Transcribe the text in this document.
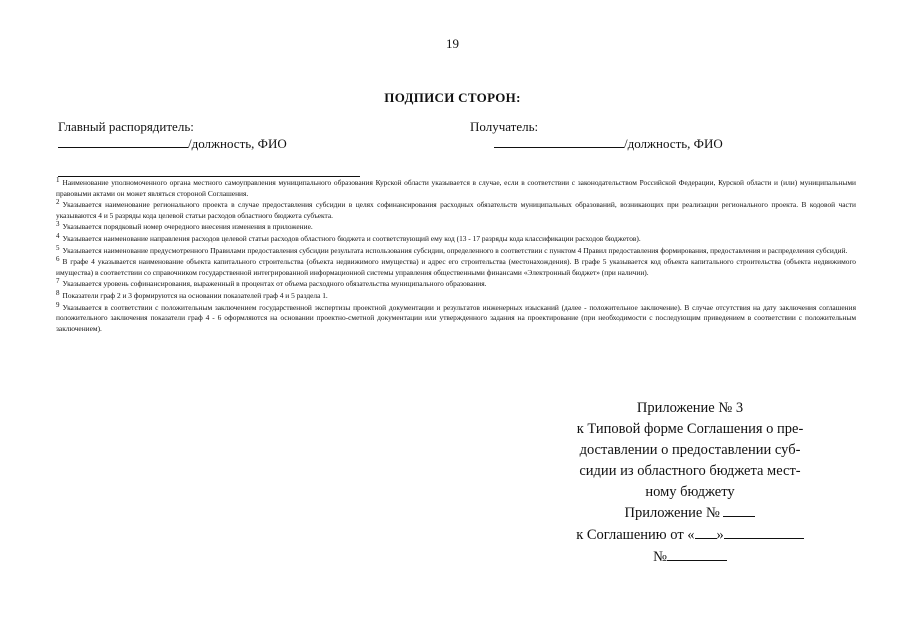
19
ПОДПИСИ СТОРОН:
Главный распорядитель:
/должность, ФИО
Получатель:
/должность, ФИО
$^1$ Наименование уполномоченного органа местного самоуправления муниципального образования Курской области указывается в случае, если в соответствии с законодательством Российской Федерации, Курской области и (или) муниципальными правовыми актами он может являться стороной Соглашения.
$^2$ Указывается наименование регионального проекта в случае предоставления субсидии в целях софинансирования расходных обязательств муниципальных образований, возникающих при реализации регионального проекта. В кодовой части указываются 4 и 5 разряды кода целевой статьи расходов областного бюджета субъекта.
$^3$ Указывается порядковый номер очередного внесения изменения в приложение.
$^4$ Указывается наименование направления расходов целевой статьи расходов областного бюджета и соответствующий ему код (13 - 17 разряды кода классификации расходов бюджетов).
$^5$ Указывается наименование предусмотренного Правилами предоставления субсидии результата использования субсидии, определенного в соответствии с пунктом 4 Правил предоставления формирования, предоставления и распределения субсидий.
$^6$ В графе 4 указывается наименование объекта капитального строительства (объекта недвижимого имущества) и адрес его строительства (местонахождения). В графе 5 указывается код объекта капитального строительства (объекта недвижимого имущества) в соответствии со справочником государственной интегрированной информационной системы управления общественными финансами «Электронный бюджет» (при наличии).
$^7$ Указывается уровень софинансирования, выраженный в процентах от объема расходного обязательства муниципального образования.
$^8$ Показатели граф 2 и 3 формируются на основании показателей граф 4 и 5 раздела 1.
$^9$ Указывается в соответствии с положительным заключением государственной экспертизы проектной документации и результатов инженерных изысканий (далее - положительное заключение). В случае отсутствия на дату заключения соглашения положительного заключения показатели граф 4 - 6 оформляются на основании проектно-сметной документации или утвержденного задания на проектирование (при необходимости с последующим приведением в соответствии с положительным заключением).
Приложение № 3
к Типовой форме Соглашения о пре-
доставлении о предоставлении суб-
сидии из областного бюджета мест-
ному бюджету
Приложение №
к Соглашению от « »
№
